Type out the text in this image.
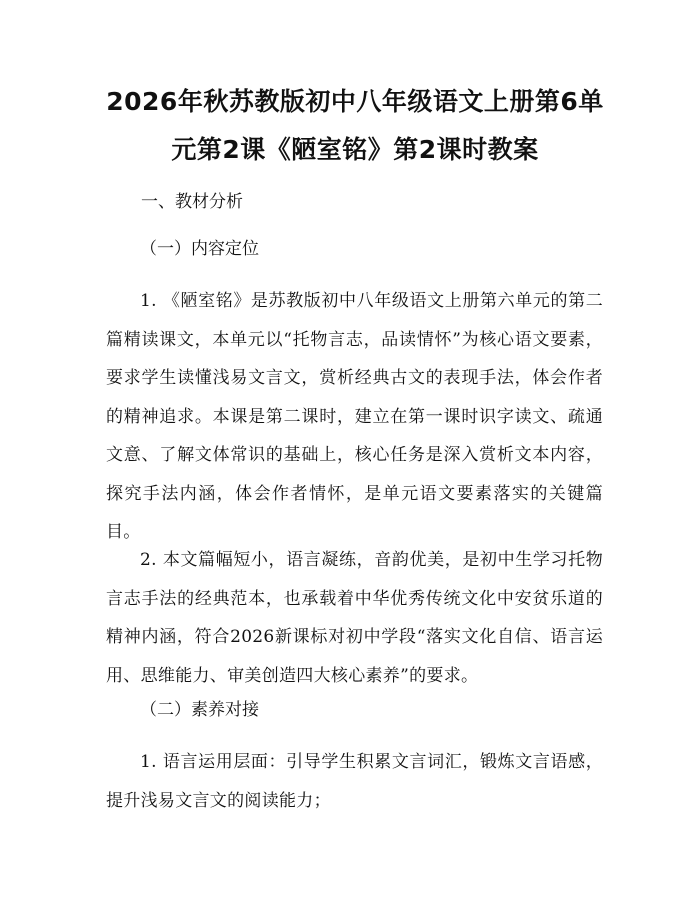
2026年秋苏教版初中八年级语文上册第6单元第2课《陋室铭》第2课时教案

一、教材分析

（一）内容定位

1. 《陋室铭》是苏教版初中八年级语文上册第六单元的第二篇精读课文，本单元以“托物言志，品读情怀”为核心语文要素，要求学生读懂浅易文言文，赏析经典古文的表现手法，体会作者的精神追求。本课是第二课时，建立在第一课时识字读文、疏通文意、了解文体常识的基础上，核心任务是深入赏析文本内容，探究手法内涵，体会作者情怀，是单元语文要素落实的关键篇目。

2. 本文篇幅短小，语言凝练，音韵优美，是初中生学习托物言志手法的经典范本，也承载着中华优秀传统文化中安贫乐道的精神内涵，符合2026新课标对初中学段“落实文化自信、语言运用、思维能力、审美创造四大核心素养”的要求。

（二）素养对接

1. 语言运用层面：引导学生积累文言词汇，锻炼文言语感，提升浅易文言文的阅读能力；
